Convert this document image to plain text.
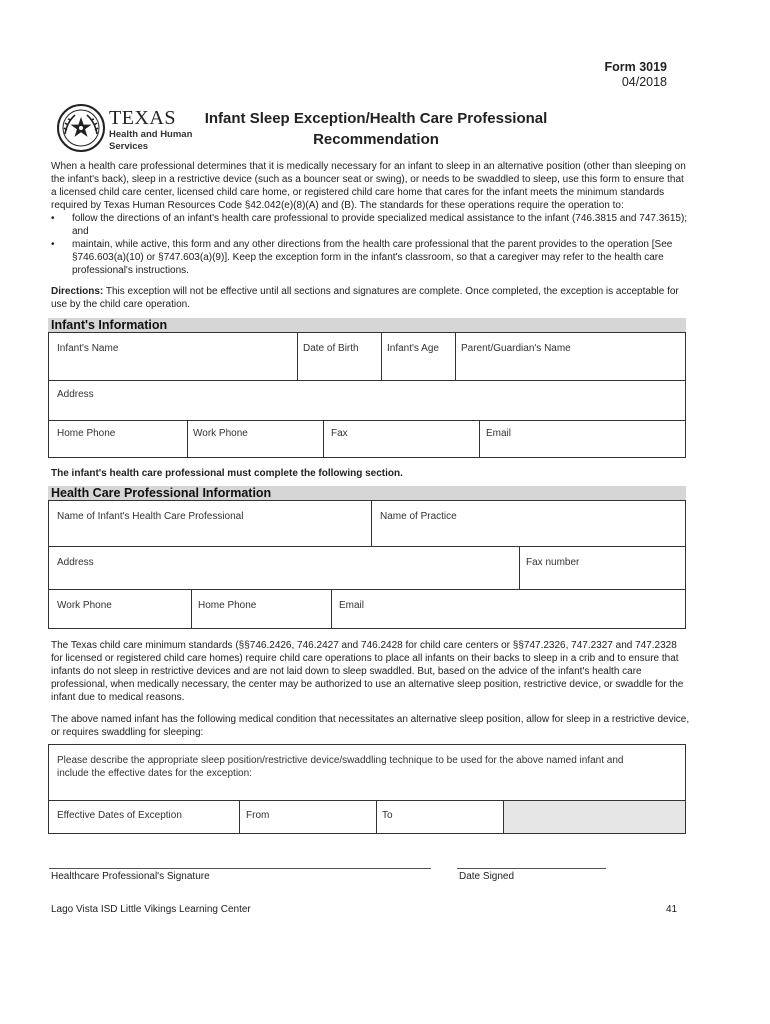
Form 3019
04/2018
TEXAS
Health and Human
Services
Infant Sleep Exception/Health Care Professional
Recommendation

When a health care professional determines that it is medically necessary for an infant to sleep in an alternative position (other than sleeping on the infant's back), sleep in a restrictive device (such as a bouncer seat or swing), or needs to be swaddled to sleep, use this form to ensure that a licensed child care center, licensed child care home, or registered child care home that cares for the infant meets the minimum standards required by Texas Human Resources Code §42.042(e)(8)(A) and (B). The standards for these operations require the operation to:

• follow the directions of an infant's health care professional to provide specialized medical assistance to the infant (746.3815 and 747.3615); and
• maintain, while active, this form and any other directions from the health care professional that the parent provides to the operation [See §746.603(a)(10) or §747.603(a)(9)]. Keep the exception form in the infant's classroom, so that a caregiver may refer to the health care professional's instructions.
Directions: This exception will not be effective until all sections and signatures are complete. Once completed, the exception is acceptable for use by the child care operation.
Infant's Information
Infant's Name	Date of Birth	Infant's Age Parent/Guardian's Name
Address
Home Phone	Work Phone	Fax	Email
The infant's health care professional must complete the following section.
Health Care Professional Information
Name of Infant's Health Care Professional	Name of Practice
Address	Fax number
Work Phone	Home Phone	Email
The Texas child care minimum standards (§§746.2426, 746.2427 and 746.2428 for child care centers or §§747.2326, 747.2327 and 747.2328 for licensed or registered child care homes) require child care operations to place all infants on their backs to sleep in a crib and to ensure that infants do not sleep in restrictive devices and are not laid down to sleep swaddled. But, based on the advice of the infant's health care professional, when medically necessary, the center may be authorized to use an alternative sleep position, restrictive device, or swaddle for the infant due to medical reasons.
The above named infant has the following medical condition that necessitates an alternative sleep position, allow for sleep in a restrictive device, or requires swaddling for sleeping:
Please describe the appropriate sleep position/restrictive device/swaddling technique to be used for the above named infant and include the effective dates for the exception:
Effective Dates of Exception	From	To
Healthcare Professional's Signature	Date Signed
Lago Vista ISD Little Vikings Learning Center	41
